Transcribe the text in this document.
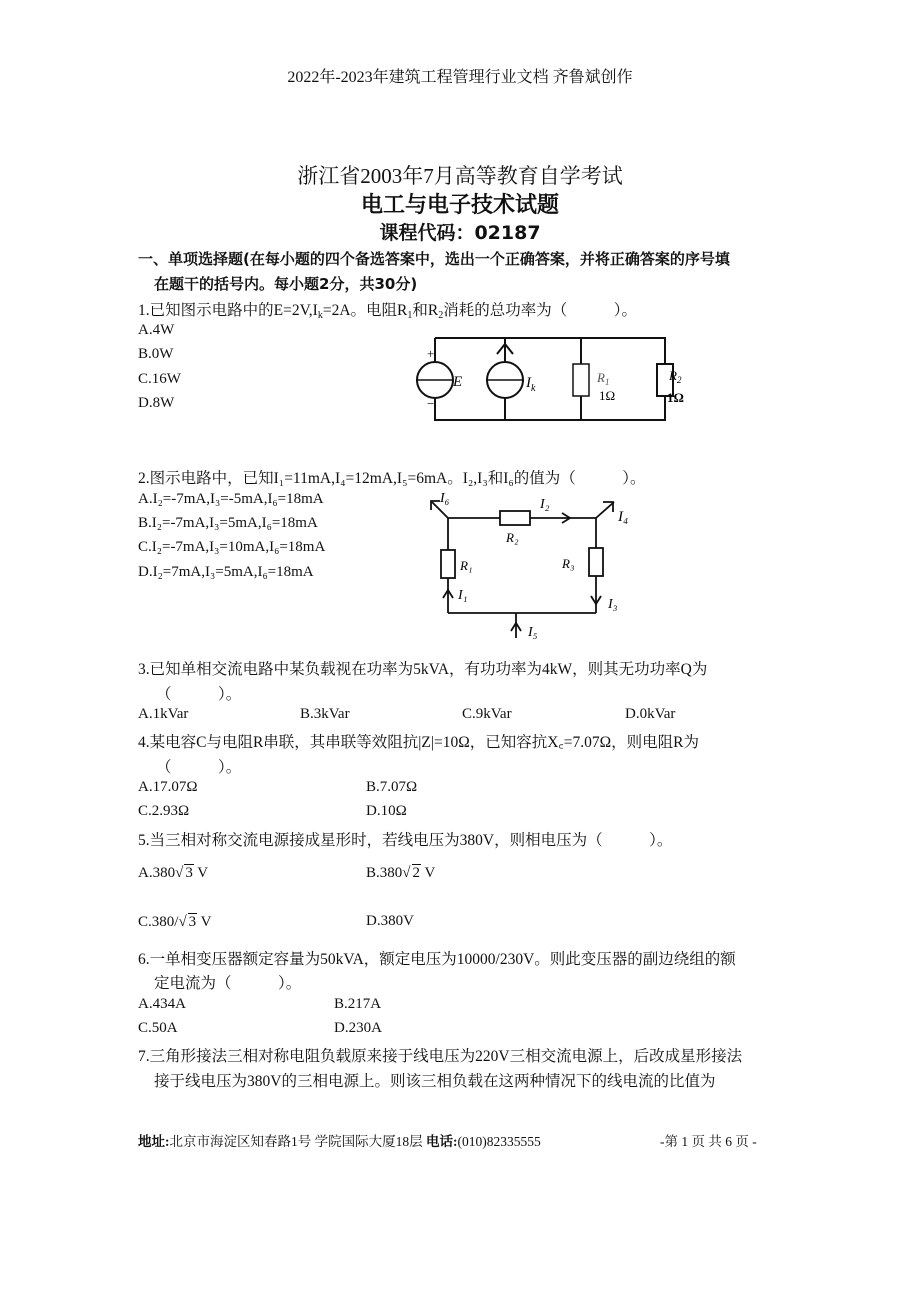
2022年-2023年建筑工程管理行业文档 齐鲁斌创作
浙江省2003年7月高等教育自学考试
电工与电子技术试题
课程代码：02187
一、单项选择题(在每小题的四个备选答案中，选出一个正确答案，并将正确答案的序号填
在题干的括号内。每小题2分，共30分)
1.已知图示电路中的$E=2V,I_k=2A$。电阻$R_1$和$R_2$消耗的总功率为（　　　）。
A.4W
B.0W
C.16W
D.8W
+
−
E	$I_k$
$R_1$
1Ω
$R_2$
1Ω
2.图示电路中，已知I₁=11mA,I₄=12mA,I₅=6mA。I₂,I₃和I₆的值为（　　　）。
A.I₂=-7mA,I₃=-5mA,I₆=18mA
B.I₂=-7mA,I₃=5mA,I₆=18mA
C.I₂=-7mA,I₃=10mA,I₆=18mA
D.I₂=7mA,I₃=5mA,I₆=18mA
I₆	I₂
I₄
R₂
R₁	R₃
I₁
I₃
I₅
3.已知单相交流电路中某负载视在功率为5kVA，有功功率为4kW，则其无功功率Q为
（　　　）。
A.1kVar	B.3kVar	C.9kVar	D.0kVar
4.某电容C与电阻R串联，其串联等效阻抗|Z|=10Ω，已知容抗X꜀=7.07Ω，则电阻R为
（　　　）。
A.17.07Ω	B.7.07Ω
C.2.93Ω	D.10Ω
5.当三相对称交流电源接成星形时，若线电压为380V，则相电压为（　　　）。
A.380√ 3 V	B.380√ 2 V
C.380/√ 3 V	D.380V
6.一单相变压器额定容量为50kVA，额定电压为10000/230V。则此变压器的副边绕组的额
定电流为（　　　）。
A.434A	B.217A
C.50A	D.230A
7.三角形接法三相对称电阻负载原来接于线电压为220V三相交流电源上，后改成星形接法
接于线电压为380V的三相电源上。则该三相负载在这两种情况下的线电流的比值为
地址:北京市海淀区知春路1号 学院国际大厦18层 电话:(010)82335555	-第 1 页 共 6 页 -
